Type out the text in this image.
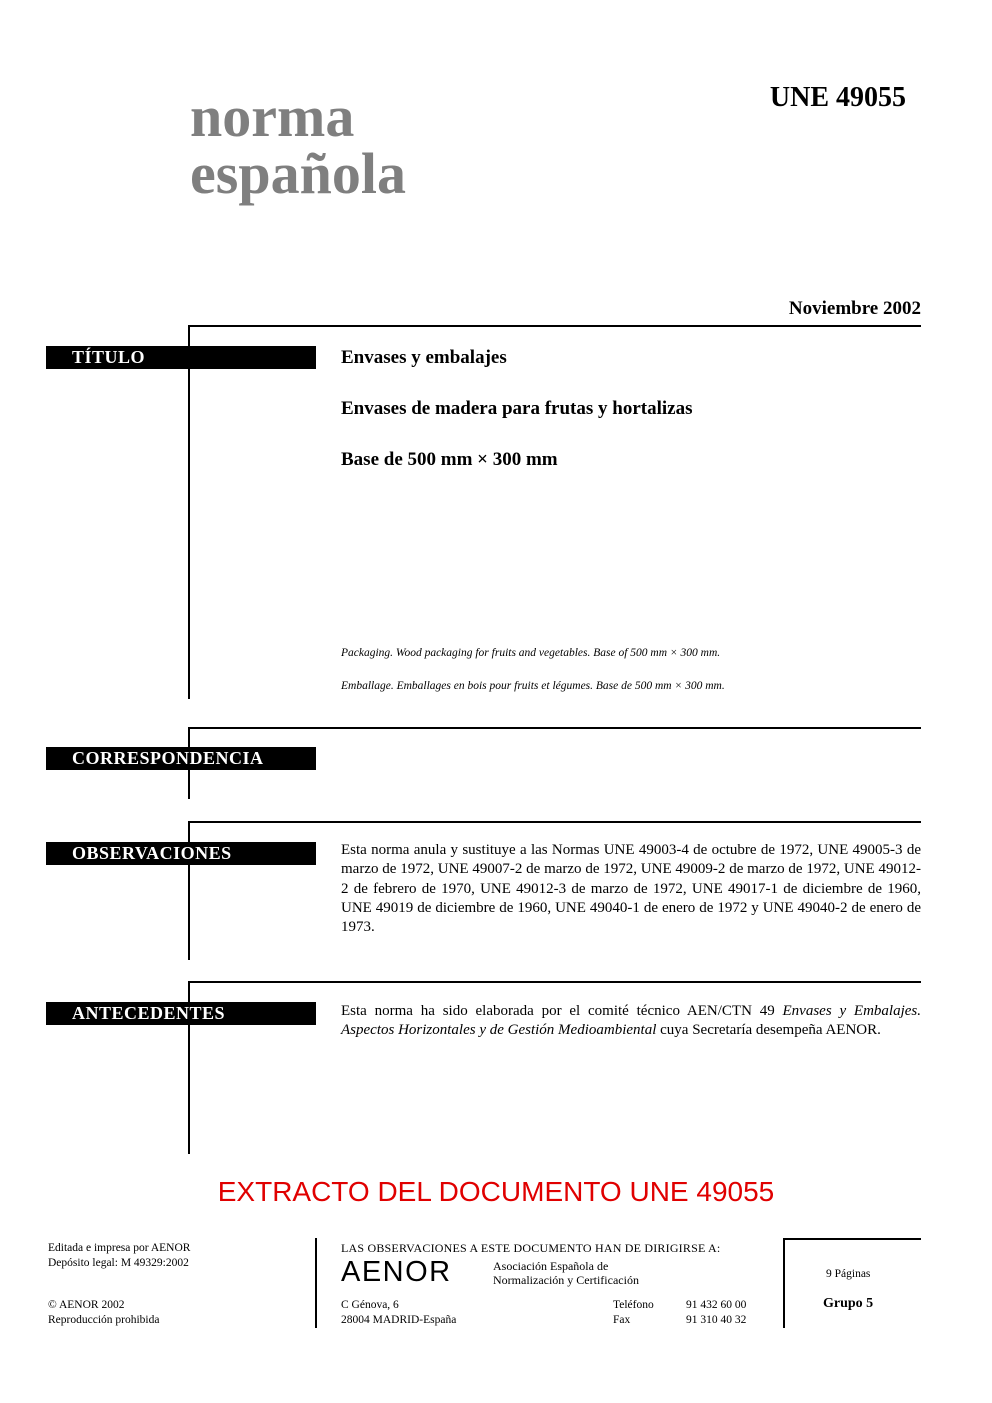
norma
española
UNE 49055
Noviembre 2002
TÍTULO	Envases y embalajes
Envases de madera para frutas y hortalizas
Base de 500 mm × 300 mm
Packaging. Wood packaging for fruits and vegetables. Base of 500 mm × 300 mm.
Emballage. Emballages en bois pour fruits et légumes. Base de 500 mm × 300 mm.
CORRESPONDENCIA
OBSERVACIONES	Esta norma anula y sustituye a las Normas UNE 49003-4 de octubre de 1972, UNE 49005-3 de marzo de 1972, UNE 49007-2 de marzo de 1972, UNE 49009-2 de marzo de 1972, UNE 49012-2 de febrero de 1970, UNE 49012-3 de marzo de 1972, UNE 49017-1 de diciembre de 1960, UNE 49019 de diciembre de 1960, UNE 49040-1 de enero de 1972 y UNE 49040-2 de enero de 1973.
ANTECEDENTES	Esta norma ha sido elaborada por el comité técnico AEN/CTN 49 Envases y Embalajes. Aspectos Horizontales y de Gestión Medioambiental cuya Secretaría desempeña AENOR.
EXTRACTO DEL DOCUMENTO UNE 49055
Editada e impresa por AENOR
Depósito legal: M 49329:2002
© AENOR 2002
Reproducción prohibida
LAS OBSERVACIONES A ESTE DOCUMENTO HAN DE DIRIGIRSE A:
AENOR	Asociación Española de
Normalización y Certificación
C Génova, 6
28004 MADRID-España
Teléfono	91 432 60 00
Fax	91 310 40 32
9 Páginas
Grupo 5
